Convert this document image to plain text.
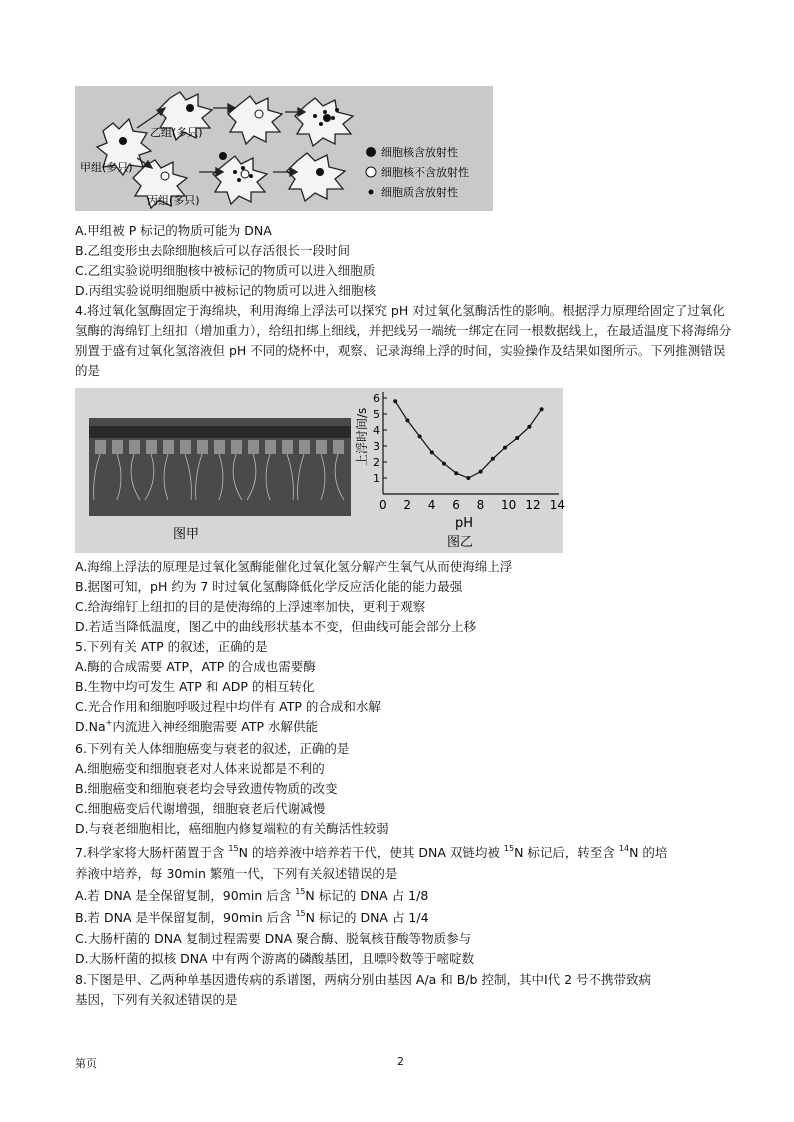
乙组(多只)
甲组(多只)
丙组(多只)
细胞核含放射性
细胞核不含放射性
细胞质含放射性
A.甲组被 P 标记的物质可能为 DNA
B.乙组变形虫去除细胞核后可以存活很长一段时间
C.乙组实验说明细胞核中被标记的物质可以进入细胞质
D.丙组实验说明细胞质中被标记的物质可以进入细胞核
4.将过氧化氢酶固定于海绵块，利用海绵上浮法可以探究 pH 对过氧化氢酶活性的影响。根据浮力原理给固定了过氧化氢酶的海绵钉上纽扣（增加重力），给纽扣绑上细线，并把线另一端统一绑定在同一根数据线上，在最适温度下将海绵分别置于盛有过氧化氢溶液但 pH 不同的烧杯中，观察、记录海绵上浮的时间，实验操作及结果如图所示。下列推测错误的是
图甲
1
2
3
4
5
6
0 2 4 6 8 10 12 14
上浮时间/s
pH
图乙
A.海绵上浮法的原理是过氧化氢酶能催化过氧化氢分解产生氧气从而使海绵上浮
B.据图可知，pH 约为 7 时过氧化氢酶降低化学反应活化能的能力最强
C.给海绵钉上纽扣的目的是使海绵的上浮速率加快，更利于观察
D.若适当降低温度，图乙中的曲线形状基本不变，但曲线可能会部分上移
5.下列有关 ATP 的叙述，正确的是
A.酶的合成需要 ATP，ATP 的合成也需要酶
B.生物中均可发生 ATP 和 ADP 的相互转化
C.光合作用和细胞呼吸过程中均伴有 ATP 的合成和水解
D.Na+内流进入神经细胞需要 ATP 水解供能
6.下列有关人体细胞癌变与衰老的叙述，正确的是
A.细胞癌变和细胞衰老对人体来说都是不利的
B.细胞癌变和细胞衰老均会导致遗传物质的改变
C.细胞癌变后代谢增强，细胞衰老后代谢减慢
D.与衰老细胞相比，癌细胞内修复端粒的有关酶活性较弱
7.科学家将大肠杆菌置于含 $^{15}$N 的培养液中培养若干代，使其 DNA 双链均被 $^{15}$N 标记后，转至含 $^{14}$N 的培
养液中培养，每 30min 繁殖一代，下列有关叙述错误的是
A.若 DNA 是全保留复制，90min 后含 $^{15}$N 标记的 DNA 占 1/8
B.若 DNA 是半保留复制，90min 后含 $^{15}$N 标记的 DNA 占 1/4
C.大肠杆菌的 DNA 复制过程需要 DNA 聚合酶、脱氧核苷酸等物质参与
D.大肠杆菌的拟核 DNA 中有两个游离的磷酸基团，且嘌呤数等于嘧啶数
8.下图是甲、乙两种单基因遗传病的系谱图，两病分别由基因 A/a 和 B/b 控制，其中Ⅰ代 2 号不携带致病
基因，下列有关叙述错误的是
第页	2
